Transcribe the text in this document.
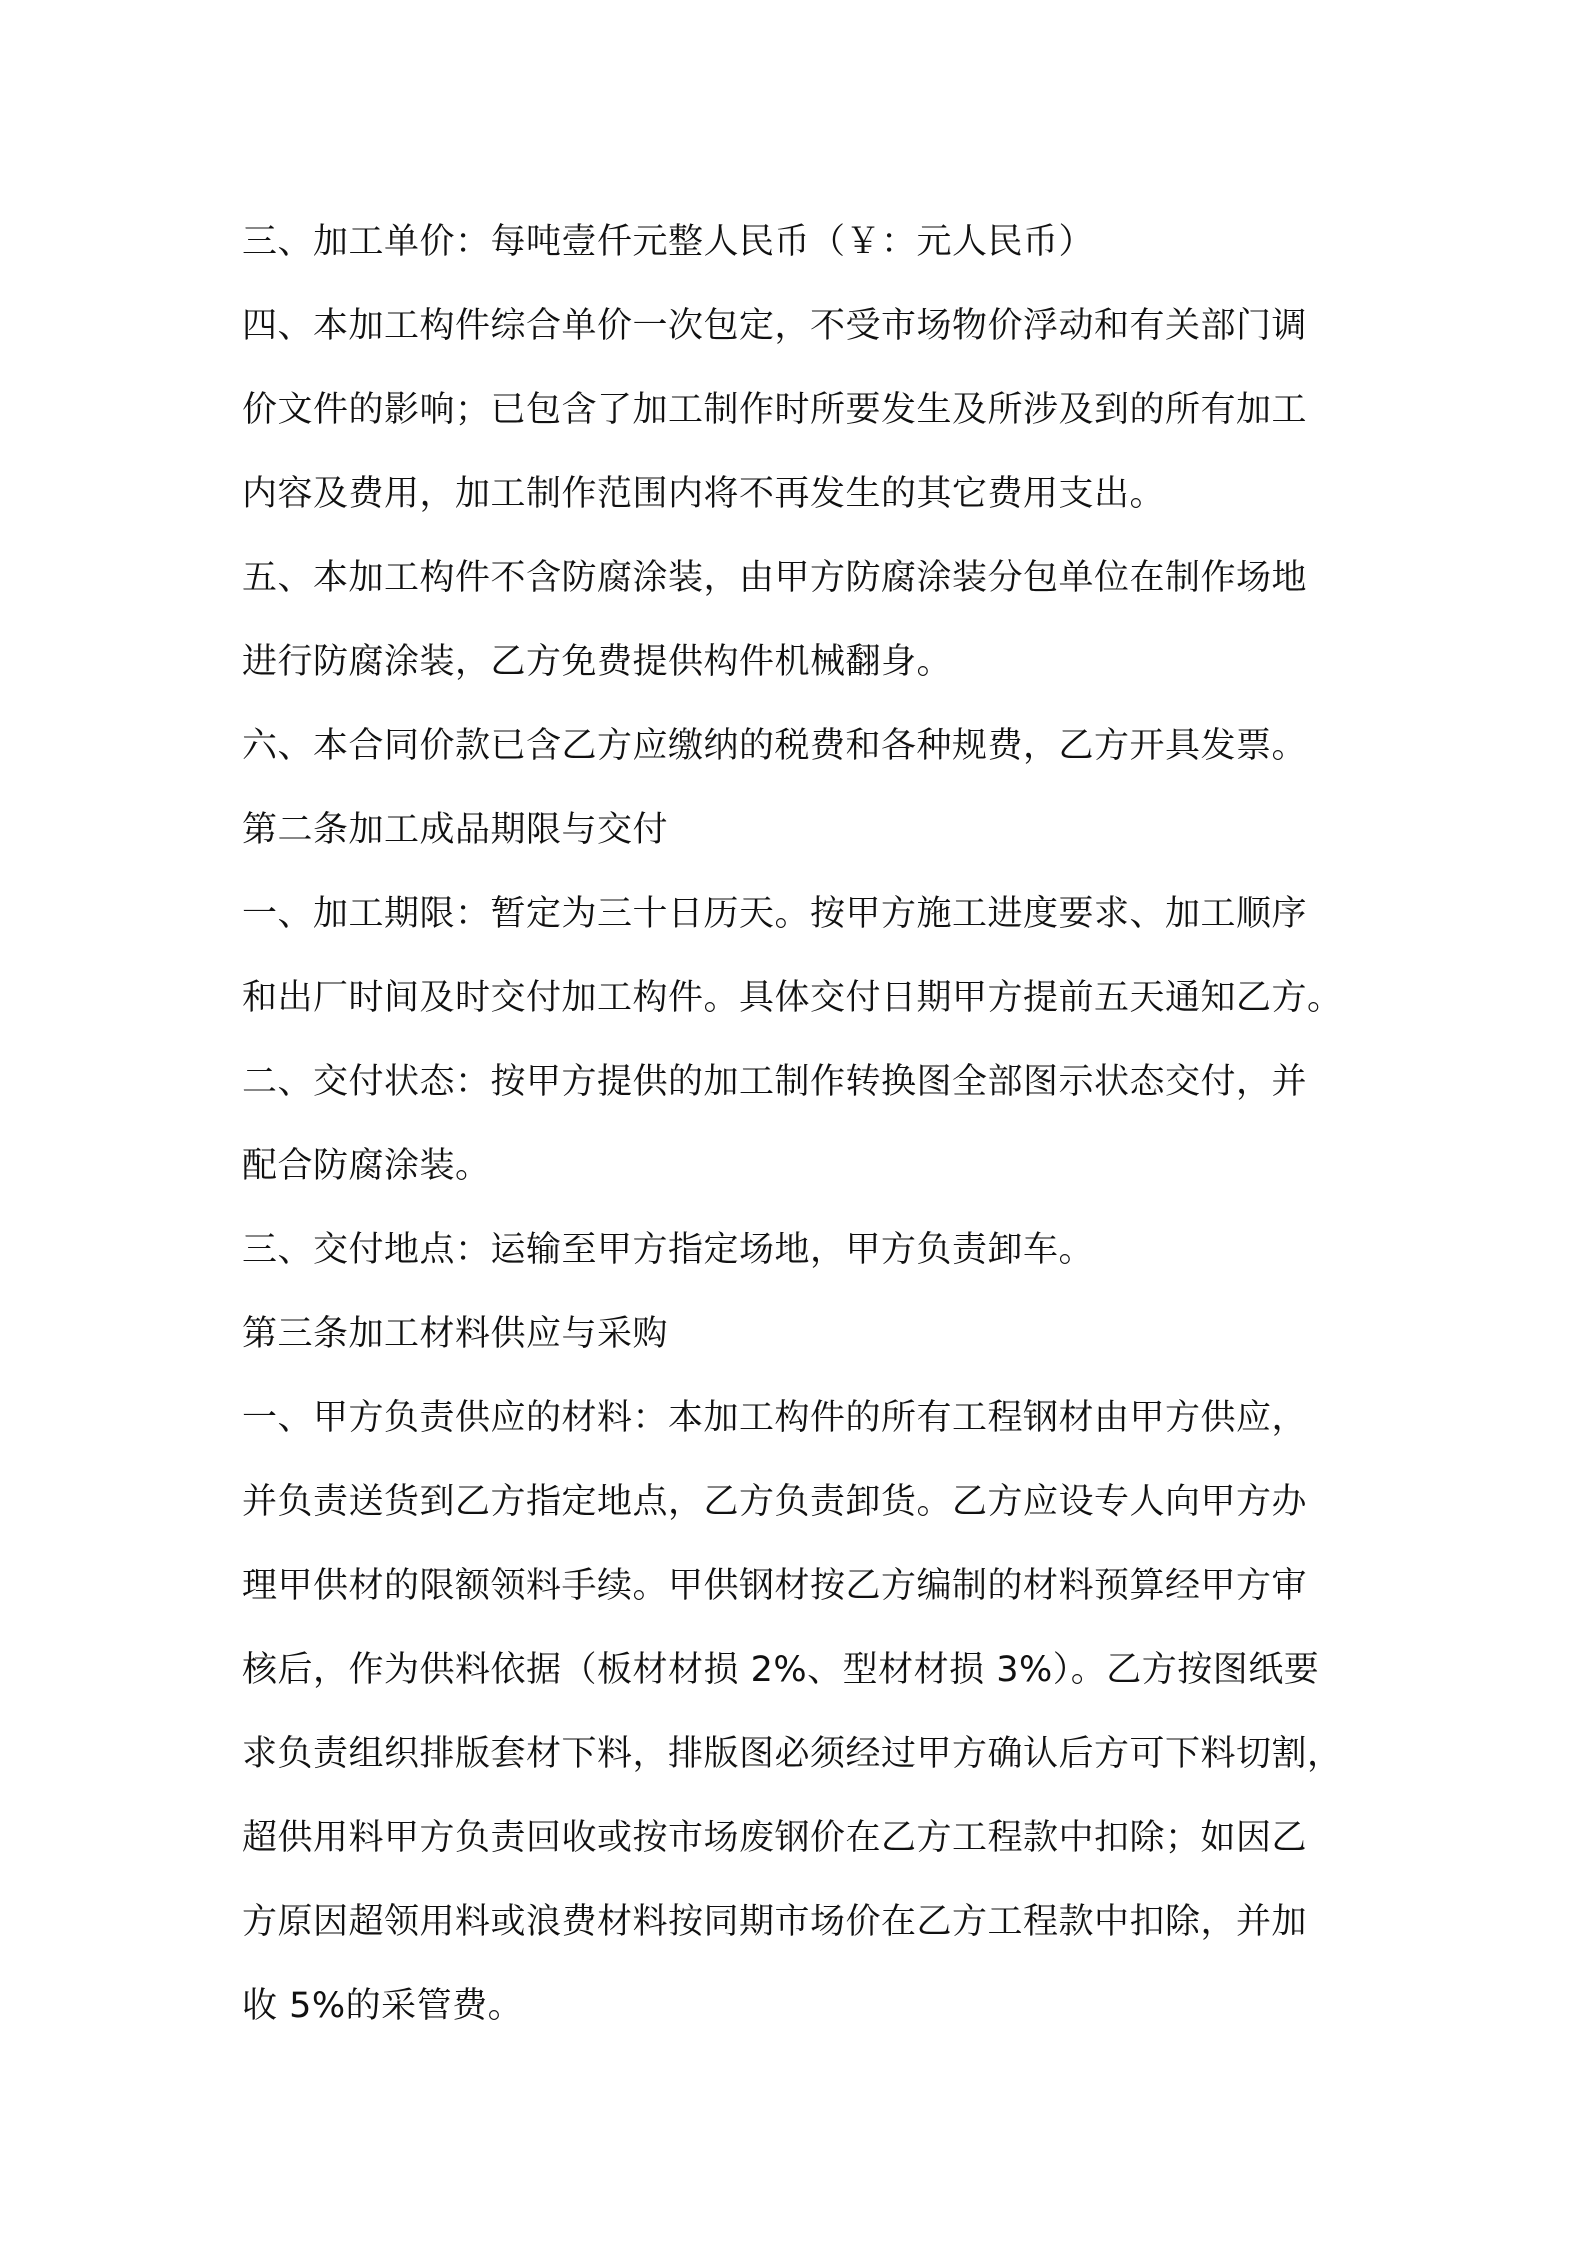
三、加工单价：每吨壹仟元整人民币（￥：元人民币）
四、本加工构件综合单价一次包定，不受市场物价浮动和有关部门调
价文件的影响；已包含了加工制作时所要发生及所涉及到的所有加工
内容及费用，加工制作范围内将不再发生的其它费用支出。
五、本加工构件不含防腐涂装，由甲方防腐涂装分包单位在制作场地
进行防腐涂装，乙方免费提供构件机械翻身。
六、本合同价款已含乙方应缴纳的税费和各种规费，乙方开具发票。
第二条加工成品期限与交付
一、加工期限：暂定为三十日历天。按甲方施工进度要求、加工顺序
和出厂时间及时交付加工构件。具体交付日期甲方提前五天通知乙方。
二、交付状态：按甲方提供的加工制作转换图全部图示状态交付，并
配合防腐涂装。
三、交付地点：运输至甲方指定场地，甲方负责卸车。
第三条加工材料供应与采购
一、甲方负责供应的材料：本加工构件的所有工程钢材由甲方供应，
并负责送货到乙方指定地点，乙方负责卸货。乙方应设专人向甲方办
理甲供材的限额领料手续。甲供钢材按乙方编制的材料预算经甲方审
核后，作为供料依据（板材材损 2%、型材材损 3%）。乙方按图纸要
求负责组织排版套材下料，排版图必须经过甲方确认后方可下料切割，
超供用料甲方负责回收或按市场废钢价在乙方工程款中扣除；如因乙
方原因超领用料或浪费材料按同期市场价在乙方工程款中扣除，并加
收 5%的采管费。
